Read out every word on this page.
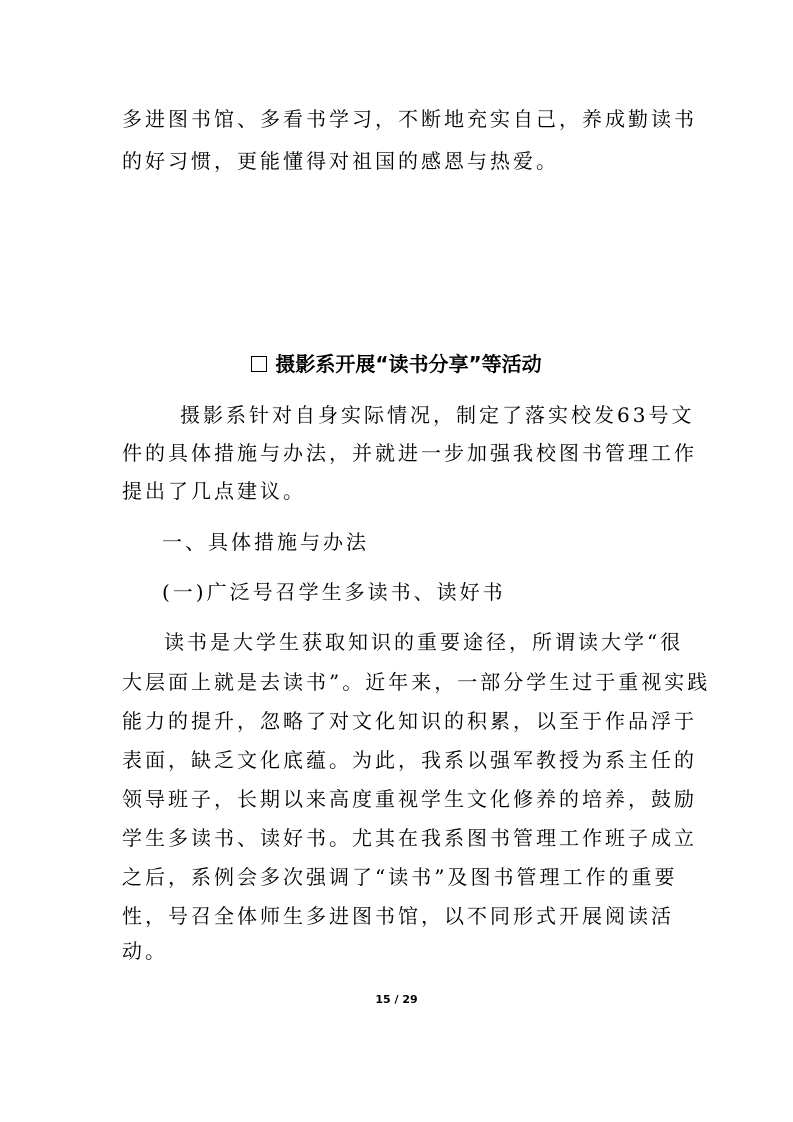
多进图书馆、多看书学习，不断地充实自己，养成勤读书
的好习惯，更能懂得对祖国的感恩与热爱。
摄影系开展“读书分享”等活动
摄影系针对自身实际情况，制定了落实校发63号文
件的具体措施与办法，并就进一步加强我校图书管理工作
提出了几点建议。
一、具体措施与办法
(一)广泛号召学生多读书、读好书
读书是大学生获取知识的重要途径，所谓读大学“很
大层面上就是去读书”。近年来，一部分学生过于重视实践
能力的提升，忽略了对文化知识的积累，以至于作品浮于
表面，缺乏文化底蕴。为此，我系以强军教授为系主任的
领导班子，长期以来高度重视学生文化修养的培养，鼓励
学生多读书、读好书。尤其在我系图书管理工作班子成立
之后，系例会多次强调了“读书”及图书管理工作的重要
性，号召全体师生多进图书馆，以不同形式开展阅读活
动。
15 / 29
